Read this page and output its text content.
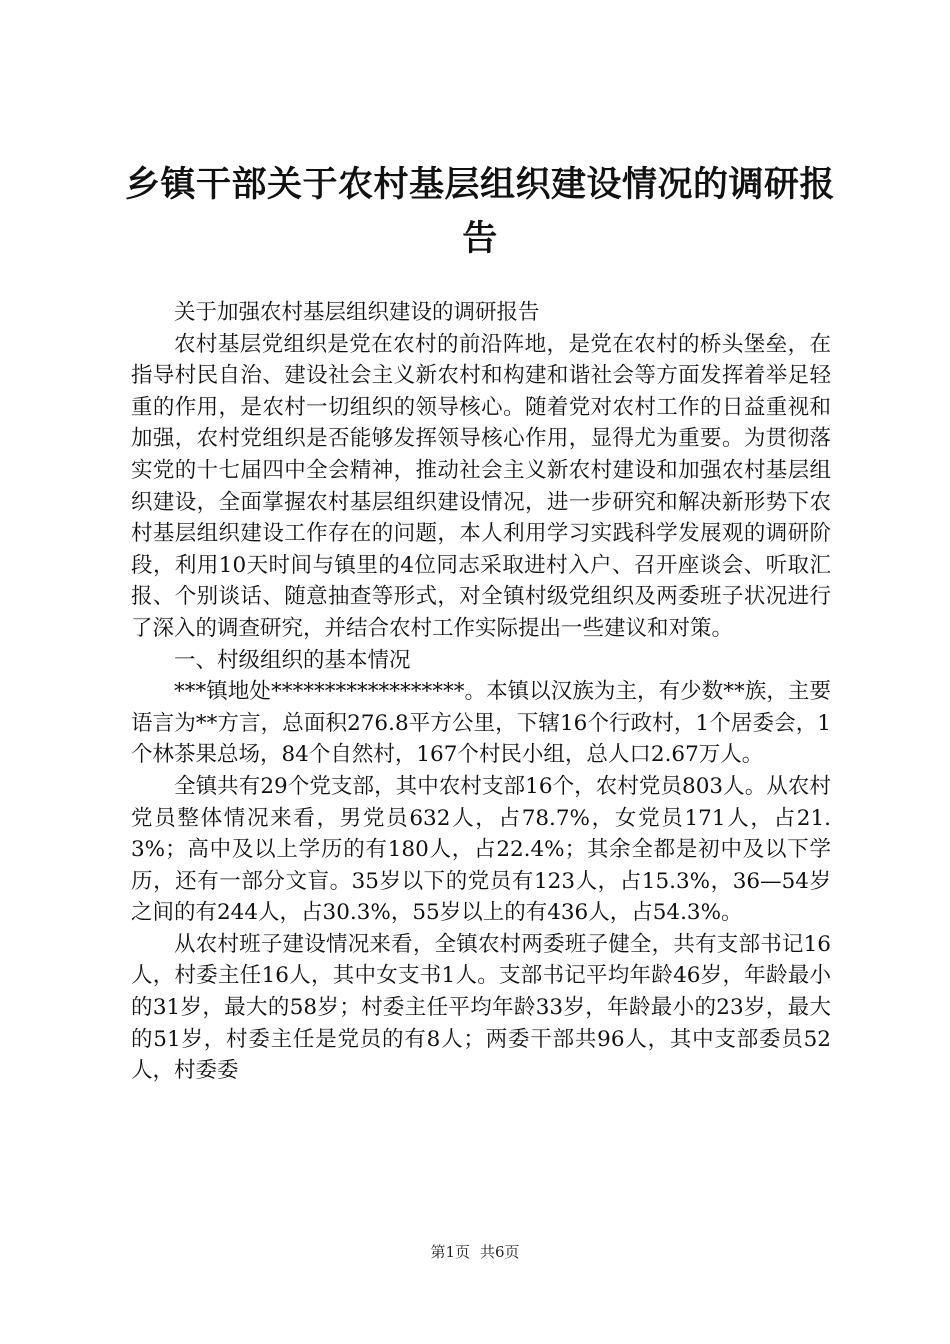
乡镇干部关于农村基层组织建设情况的调研报
告

关于加强农村基层组织建设的调研报告

农村基层党组织是党在农村的前沿阵地，是党在农村的桥头堡垒，在指导村民自治、建设社会主义新农村和构建和谐社会等方面发挥着举足轻重的作用，是农村一切组织的领导核心。随着党对农村工作的日益重视和加强，农村党组织是否能够发挥领导核心作用，显得尤为重要。为贯彻落实党的十七届四中全会精神，推动社会主义新农村建设和加强农村基层组织建设，全面掌握农村基层组织建设情况，进一步研究和解决新形势下农村基层组织建设工作存在的问题，本人利用学习实践科学发展观的调研阶段，利用10天时间与镇里的4位同志采取进村入户、召开座谈会、听取汇报、个别谈话、随意抽查等形式，对全镇村级党组织及两委班子状况进行了深入的调查研究，并结合农村工作实际提出一些建议和对策。

一、村级组织的基本情况

***镇地处******************。本镇以汉族为主，有少数**族，主要语言为**方言，总面积276.8平方公里，下辖16个行政村，1个居委会，1个林茶果总场，84个自然村，167个村民小组，总人口2.67万人。

全镇共有29个党支部，其中农村支部16个，农村党员803人。从农村党员整体情况来看，男党员632人，占78.7%，女党员171人，占21.3%；高中及以上学历的有180人，占22.4%；其余全都是初中及以下学历，还有一部分文盲。35岁以下的党员有123人，占15.3%，36—54岁之间的有244人，占30.3%，55岁以上的有436人，占54.3%。

从农村班子建设情况来看，全镇农村两委班子健全，共有支部书记16人，村委主任16人，其中女支书1人。支部书记平均年龄46岁，年龄最小的31岁，最大的58岁；村委主任平均年龄33岁，年龄最小的23岁，最大的51岁，村委主任是党员的有8人；两委干部共96人，其中支部委员52人，村委委

第1页 共6页
